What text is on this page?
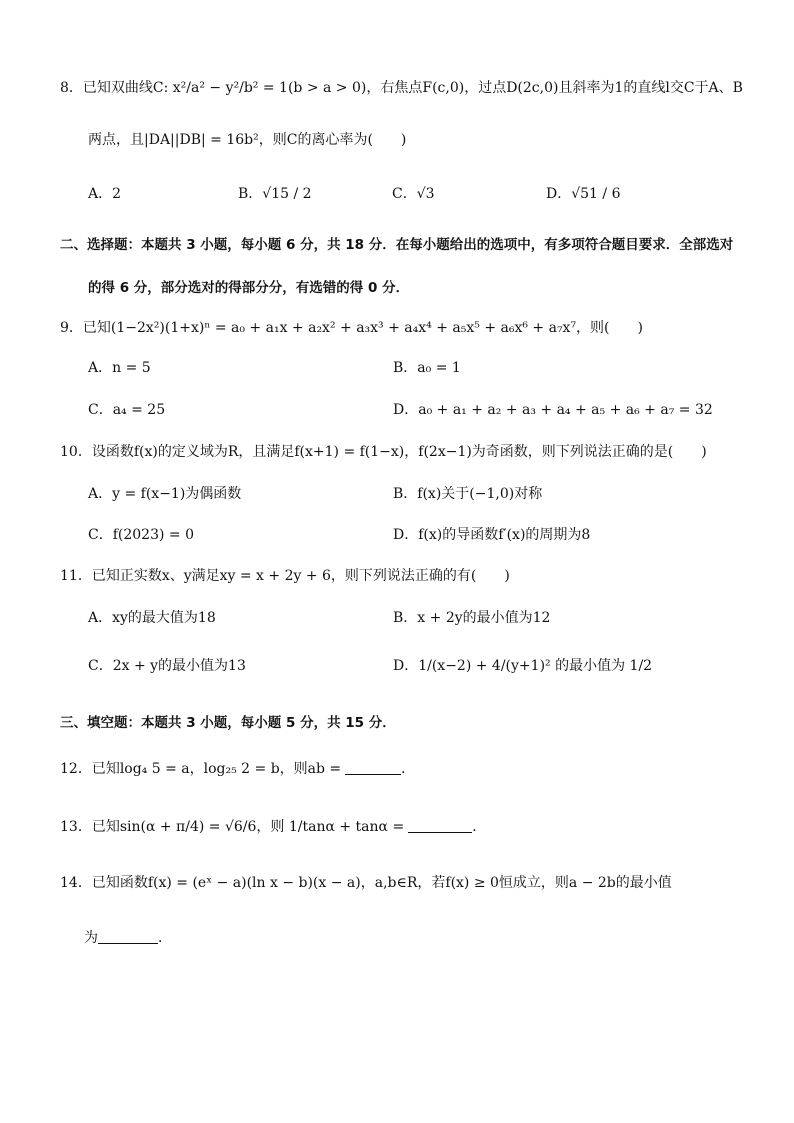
8．已知双曲线C: x²/a² − y²/b² = 1(b > a > 0)，右焦点F(c,0)，过点D(2c,0)且斜率为1的直线l交C于A、B
两点，且|DA||DB| = 16b²，则C的离心率为(　　)
A．2	B．√15 / 2	C．√3	D．√51 / 6
二、选择题：本题共 3 小题，每小题 6 分，共 18 分．在每小题给出的选项中，有多项符合题目要求．全部选对
的得 6 分，部分选对的得部分分，有选错的得 0 分．
9．已知(1−2x²)(1+x)ⁿ = a₀ + a₁x + a₂x² + a₃x³ + a₄x⁴ + a₅x⁵ + a₆x⁶ + a₇x⁷，则(　　)
A．n = 5	B．a₀ = 1
C．a₄ = 25	D．a₀ + a₁ + a₂ + a₃ + a₄ + a₅ + a₆ + a₇ = 32
10．设函数f(x)的定义域为R，且满足f(x+1) = f(1−x)，f(2x−1)为奇函数，则下列说法正确的是(　　)
A．y = f(x−1)为偶函数	B．f(x)关于(−1,0)对称
C．f(2023) = 0	D．f(x)的导函数f′(x)的周期为8
11．已知正实数x、y满足xy = x + 2y + 6，则下列说法正确的有(　　)
A．xy的最大值为18	B．x + 2y的最小值为12
C．2x + y的最小值为13	D．1/(x−2) + 4/(y+1)² 的最小值为 1/2
三、填空题：本题共 3 小题，每小题 5 分，共 15 分．
12．已知log₄ 5 = a，log₂₅ 2 = b，则ab =	．
13．已知sin(α + π/4) = √6/6，则 1/tanα + tanα =	．
14．已知函数f(x) = (eˣ − a)(ln x − b)(x − a)，a,b∈R，若f(x) ≥ 0恒成立，则a − 2b的最小值
为	．
